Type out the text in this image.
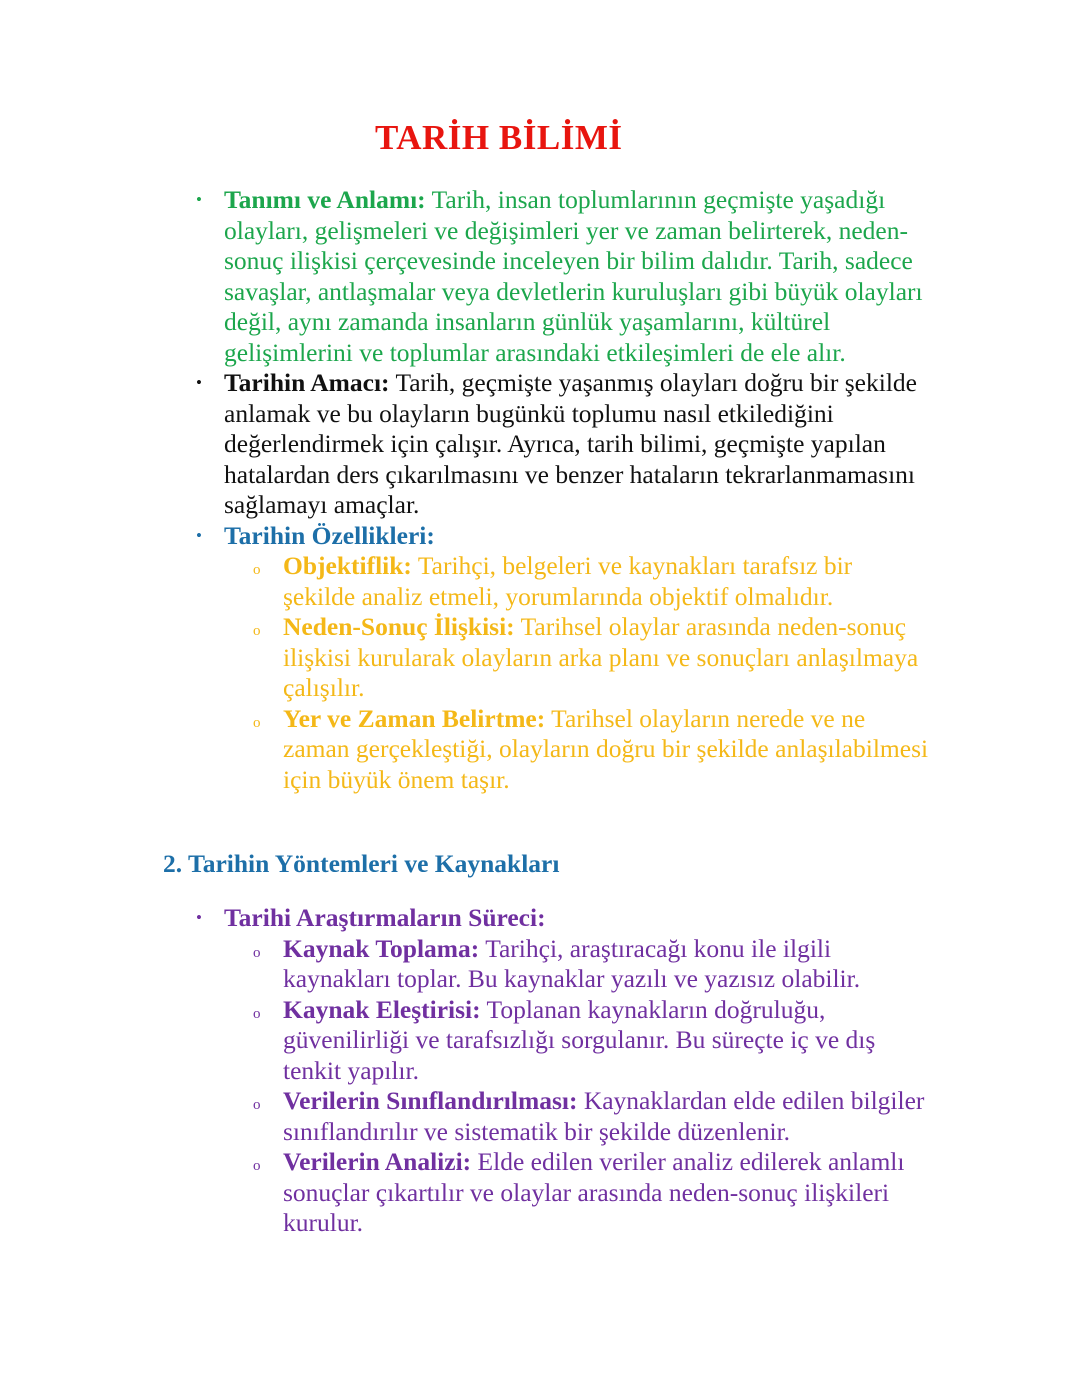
TARİH BİLİMİ
• Tanımı ve Anlamı: Tarih, insan toplumlarının geçmişte yaşadığı olayları, gelişmeleri ve değişimleri yer ve zaman belirterek, neden-sonuç ilişkisi çerçevesinde inceleyen bir bilim dalıdır. Tarih, sadece savaşlar, antlaşmalar veya devletlerin kuruluşları gibi büyük olayları değil, aynı zamanda insanların günlük yaşamlarını, kültürel gelişimlerini ve toplumlar arasındaki etkileşimleri de ele alır.
• Tarihin Amacı: Tarih, geçmişte yaşanmış olayları doğru bir şekilde anlamak ve bu olayların bugünkü toplumu nasıl etkilediğini değerlendirmek için çalışır. Ayrıca, tarih bilimi, geçmişte yapılan hatalardan ders çıkarılmasını ve benzer hataların tekrarlanmamasını sağlamayı amaçlar.
• Tarihin Özellikleri:
o Objektiflik: Tarihçi, belgeleri ve kaynakları tarafsız bir şekilde analiz etmeli, yorumlarında objektif olmalıdır.
o Neden-Sonuç İlişkisi: Tarihsel olaylar arasında neden-sonuç ilişkisi kurularak olayların arka planı ve sonuçları anlaşılmaya çalışılır.
o Yer ve Zaman Belirtme: Tarihsel olayların nerede ve ne zaman gerçekleştiği, olayların doğru bir şekilde anlaşılabilmesi için büyük önem taşır.
2. Tarihin Yöntemleri ve Kaynakları
• Tarihi Araştırmaların Süreci:
o Kaynak Toplama: Tarihçi, araştıracağı konu ile ilgili kaynakları toplar. Bu kaynaklar yazılı ve yazısız olabilir.
o Kaynak Eleştirisi: Toplanan kaynakların doğruluğu, güvenilirliği ve tarafsızlığı sorgulanır. Bu süreçte iç ve dış tenkit yapılır.
o Verilerin Sınıflandırılması: Kaynaklardan elde edilen bilgiler sınıflandırılır ve sistematik bir şekilde düzenlenir.
o Verilerin Analizi: Elde edilen veriler analiz edilerek anlamlı sonuçlar çıkartılır ve olaylar arasında neden-sonuç ilişkileri kurulur.
